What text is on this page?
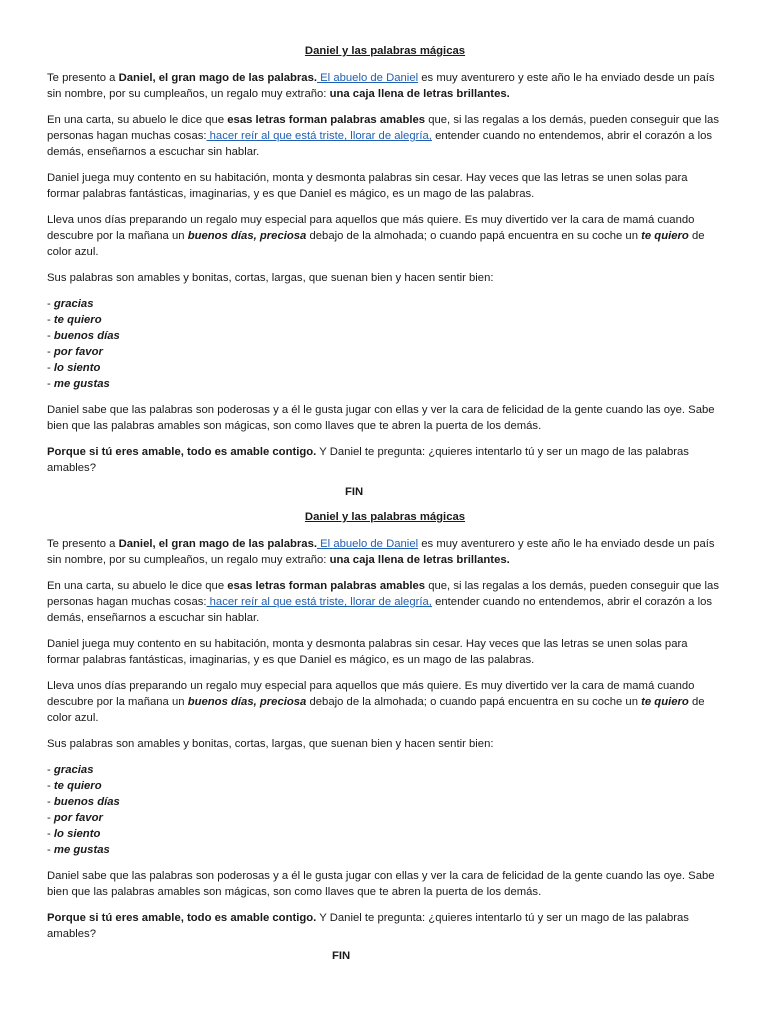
Daniel y las palabras mágicas

Te presento a Daniel, el gran mago de las palabras. El abuelo de Daniel es muy aventurero y este año le ha enviado desde un país sin nombre, por su cumpleaños, un regalo muy extraño: una caja llena de letras brillantes.

En una carta, su abuelo le dice que esas letras forman palabras amables que, si las regalas a los demás, pueden conseguir que las personas hagan muchas cosas: hacer reír al que está triste, llorar de alegría, entender cuando no entendemos, abrir el corazón a los demás, enseñarnos a escuchar sin hablar.

Daniel juega muy contento en su habitación, monta y desmonta palabras sin cesar. Hay veces que las letras se unen solas para formar palabras fantásticas, imaginarias, y es que Daniel es mágico, es un mago de las palabras.

Lleva unos días preparando un regalo muy especial para aquellos que más quiere. Es muy divertido ver la cara de mamá cuando descubre por la mañana un buenos días, preciosa debajo de la almohada; o cuando papá encuentra en su coche un te quiero de color azul.

Sus palabras son amables y bonitas, cortas, largas, que suenan bien y hacen sentir bien:

- gracias
- te quiero
- buenos días
- por favor
- lo siento
- me gustas

Daniel sabe que las palabras son poderosas y a él le gusta jugar con ellas y ver la cara de felicidad de la gente cuando las oye. Sabe bien que las palabras amables son mágicas, son como llaves que te abren la puerta de los demás.

Porque si tú eres amable, todo es amable contigo. Y Daniel te pregunta: ¿quieres intentarlo tú y ser un mago de las palabras amables?

FIN

Daniel y las palabras mágicas

Te presento a Daniel, el gran mago de las palabras. El abuelo de Daniel es muy aventurero y este año le ha enviado desde un país sin nombre, por su cumpleaños, un regalo muy extraño: una caja llena de letras brillantes.

En una carta, su abuelo le dice que esas letras forman palabras amables que, si las regalas a los demás, pueden conseguir que las personas hagan muchas cosas: hacer reír al que está triste, llorar de alegría, entender cuando no entendemos, abrir el corazón a los demás, enseñarnos a escuchar sin hablar.

Daniel juega muy contento en su habitación, monta y desmonta palabras sin cesar. Hay veces que las letras se unen solas para formar palabras fantásticas, imaginarias, y es que Daniel es mágico, es un mago de las palabras.

Lleva unos días preparando un regalo muy especial para aquellos que más quiere. Es muy divertido ver la cara de mamá cuando descubre por la mañana un buenos días, preciosa debajo de la almohada; o cuando papá encuentra en su coche un te quiero de color azul.

Sus palabras son amables y bonitas, cortas, largas, que suenan bien y hacen sentir bien:

- gracias
- te quiero
- buenos días
- por favor
- lo siento
- me gustas

Daniel sabe que las palabras son poderosas y a él le gusta jugar con ellas y ver la cara de felicidad de la gente cuando las oye. Sabe bien que las palabras amables son mágicas, son como llaves que te abren la puerta de los demás.

Porque si tú eres amable, todo es amable contigo. Y Daniel te pregunta: ¿quieres intentarlo tú y ser un mago de las palabras amables?

FIN
